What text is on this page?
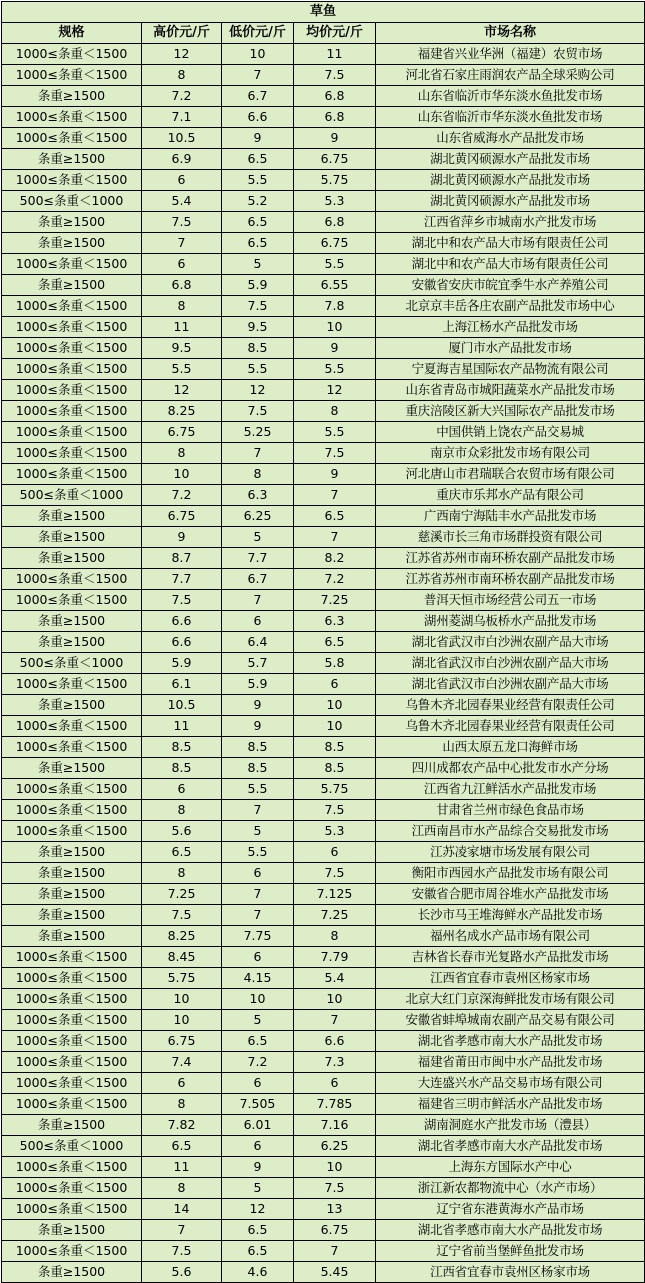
草鱼				
规格	高价元/斤	低价元/斤	均价元/斤	市场名称
1000≤条重＜1500	12	10	11	福建省兴业华洲（福建）农贸市场
1000≤条重＜1500	8	7	7.5	河北省石家庄雨润农产品全球采购公司
条重≥1500	7.2	6.7	6.8	山东省临沂市华东淡水鱼批发市场
1000≤条重＜1500	7.1	6.6	6.8	山东省临沂市华东淡水鱼批发市场
1000≤条重＜1500	10.5	9	9	山东省威海水产品批发市场
条重≥1500	6.9	6.5	6.75	湖北黄冈硕源水产品批发市场
1000≤条重＜1500	6	5.5	5.75	湖北黄冈硕源水产品批发市场
500≤条重＜1000	5.4	5.2	5.3	湖北黄冈硕源水产品批发市场
条重≥1500	7.5	6.5	6.8	江西省萍乡市城南水产批发市场
条重≥1500	7	6.5	6.75	湖北中和农产品大市场有限责任公司
1000≤条重＜1500	6	5	5.5	湖北中和农产品大市场有限责任公司
条重≥1500	6.8	5.9	6.55	安徽省安庆市皖宜季牛水产养殖公司
1000≤条重＜1500	8	7.5	7.8	北京京丰岳各庄农副产品批发市场中心
1000≤条重＜1500	11	9.5	10	上海江杨水产品批发市场
1000≤条重＜1500	9.5	8.5	9	厦门市水产品批发市场
1000≤条重＜1500	5.5	5.5	5.5	宁夏海吉星国际农产品物流有限公司
1000≤条重＜1500	12	12	12	山东省青岛市城阳蔬菜水产品批发市场
1000≤条重＜1500	8.25	7.5	8	重庆涪陵区新大兴国际农产品批发市场
1000≤条重＜1500	6.75	5.25	5.5	中国供销上饶农产品交易城
1000≤条重＜1500	8	7	7.5	南京市众彩批发市场有限公司
1000≤条重＜1500	10	8	9	河北唐山市君瑞联合农贸市场有限公司
500≤条重＜1000	7.2	6.3	7	重庆市乐邦水产品有限公司
条重≥1500	6.75	6.25	6.5	广西南宁海陆丰水产品批发市场
条重≥1500	9	5	7	慈溪市长三角市场群投资有限公司
条重≥1500	8.7	7.7	8.2	江苏省苏州市南环桥农副产品批发市场
1000≤条重＜1500	7.7	6.7	7.2	江苏省苏州市南环桥农副产品批发市场
1000≤条重＜1500	7.5	7	7.25	普洱天恒市场经营公司五一市场
条重≥1500	6.6	6	6.3	湖州菱湖乌板桥水产品批发市场
条重≥1500	6.6	6.4	6.5	湖北省武汉市白沙洲农副产品大市场
500≤条重＜1000	5.9	5.7	5.8	湖北省武汉市白沙洲农副产品大市场
1000≤条重＜1500	6.1	5.9	6	湖北省武汉市白沙洲农副产品大市场
条重≥1500	10.5	9	10	乌鲁木齐北园春果业经营有限责任公司
1000≤条重＜1500	11	9	10	乌鲁木齐北园春果业经营有限责任公司
1000≤条重＜1500	8.5	8.5	8.5	山西太原五龙口海鲜市场
条重≥1500	8.5	8.5	8.5	四川成都农产品中心批发市水产分场
1000≤条重＜1500	6	5.5	5.75	江西省九江鲜活水产品批发市场
1000≤条重＜1500	8	7	7.5	甘肃省兰州市绿色食品市场
1000≤条重＜1500	5.6	5	5.3	江西南昌市水产品综合交易批发市场
条重≥1500	6.5	5.5	6	江苏凌家塘市场发展有限公司
条重≥1500	8	6	7.5	衡阳市西园水产品批发市场有限公司
条重≥1500	7.25	7	7.125	安徽省合肥市周谷堆水产品批发市场
条重≥1500	7.5	7	7.25	长沙市马王堆海鲜水产品批发市场
条重≥1500	8.25	7.75	8	福州名成水产品市场有限公司
1000≤条重＜1500	8.45	6	7.79	吉林省长春市光复路水产品批发市场
1000≤条重＜1500	5.75	4.15	5.4	江西省宜春市袁州区杨家市场
1000≤条重＜1500	10	10	10	北京大红门京深海鲜批发市场有限公司
1000≤条重＜1500	10	5	7	安徽省蚌埠城南农副产品交易有限公司
1000≤条重＜1500	6.75	6.5	6.6	湖北省孝感市南大水产品批发市场
1000≤条重＜1500	7.4	7.2	7.3	福建省莆田市闽中水产品批发市场
1000≤条重＜1500	6	6	6	大连盛兴水产品交易市场有限公司
1000≤条重＜1500	8	7.505	7.785	福建省三明市鲜活水产品批发市场
条重≥1500	7.82	6.01	7.16	湖南洞庭水产批发市场（澧县）
500≤条重＜1000	6.5	6	6.25	湖北省孝感市南大水产品批发市场
1000≤条重＜1500	11	9	10	上海东方国际水产中心
1000≤条重＜1500	8	5	7.5	浙江新农都物流中心（水产市场）
1000≤条重＜1500	14	12	13	辽宁省东港黄海水产品市场
条重≥1500	7	6.5	6.75	湖北省孝感市南大水产品批发市场
1000≤条重＜1500	7.5	6.5	7	辽宁省前当堡鲜鱼批发市场
条重≥1500	5.6	4.6	5.45	江西省宜春市袁州区杨家市场
